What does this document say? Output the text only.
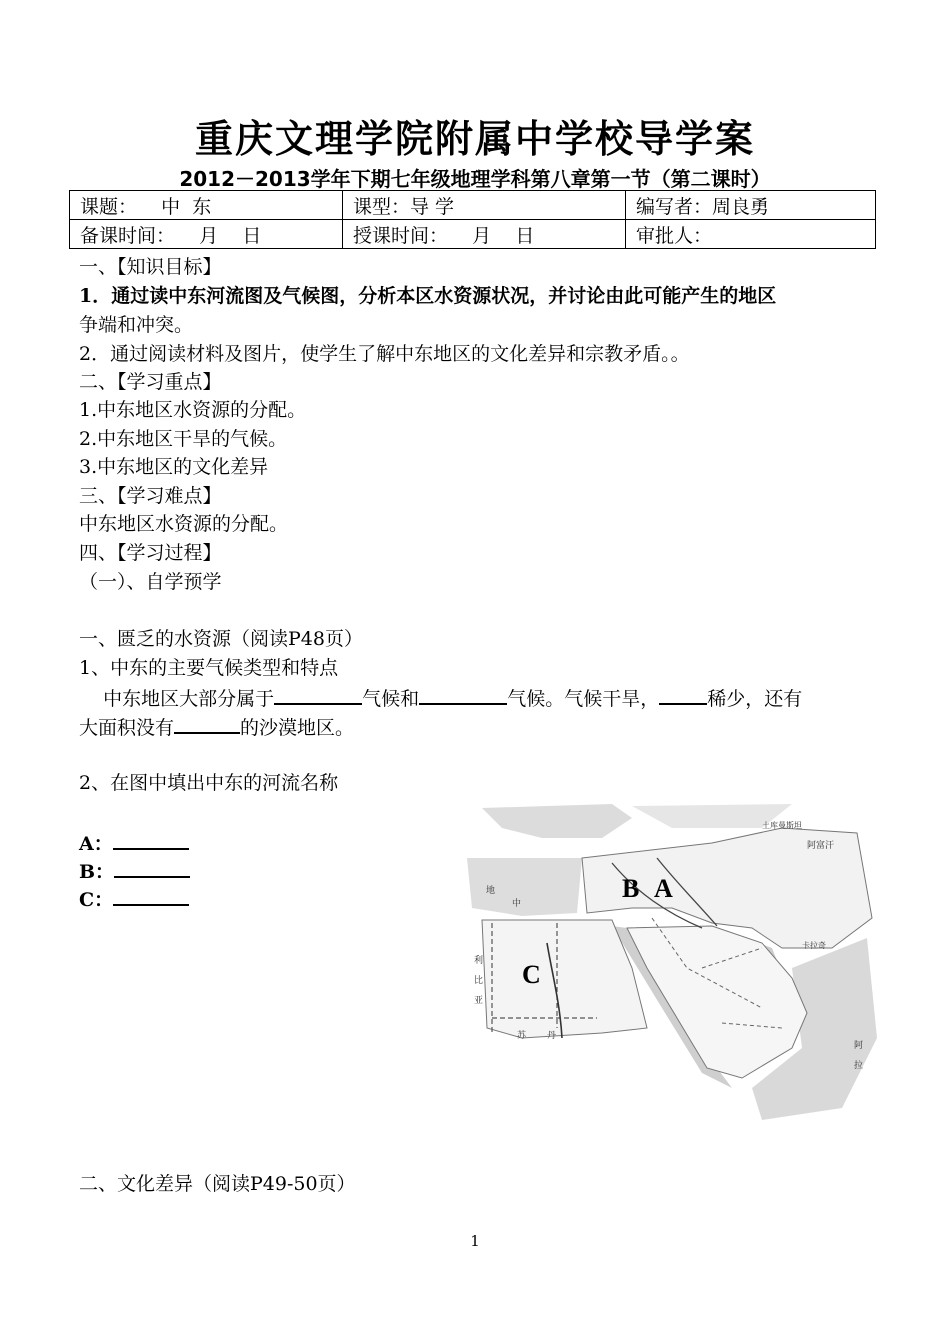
重庆文理学院附属中学校导学案
2012－2013学年下期七年级地理学科第八章第一节（第二课时）
课题：    中  东	课型：导 学	编写者：周良勇
备课时间：    月    日	授课时间：    月    日	审批人：
一、【知识目标】
1．通过读中东河流图及气候图，分析本区水资源状况，并讨论由此可能产生的地区
争端和冲突。
2．通过阅读材料及图片，使学生了解中东地区的文化差异和宗教矛盾。。
二、【学习重点】
1.中东地区水资源的分配。
2.中东地区干旱的气候。
3.中东地区的文化差异
三、【学习难点】
中东地区水资源的分配。
四、【学习过程】
（一）、自学预学
一、匮乏的水资源（阅读P48页）
1、中东的主要气候类型和特点
中东地区大部分属于	气候和	气候。气候干旱，	稀少，还有
大面积没有	的沙漠地区。
2、在图中填出中东的河流名称
A：
B：
C：
土库曼斯坦
地
中
利
比
亚
苏 丹
阿富汗
卡拉奇
阿
拉
A
B
C
二、文化差异（阅读P49-50页）
1
